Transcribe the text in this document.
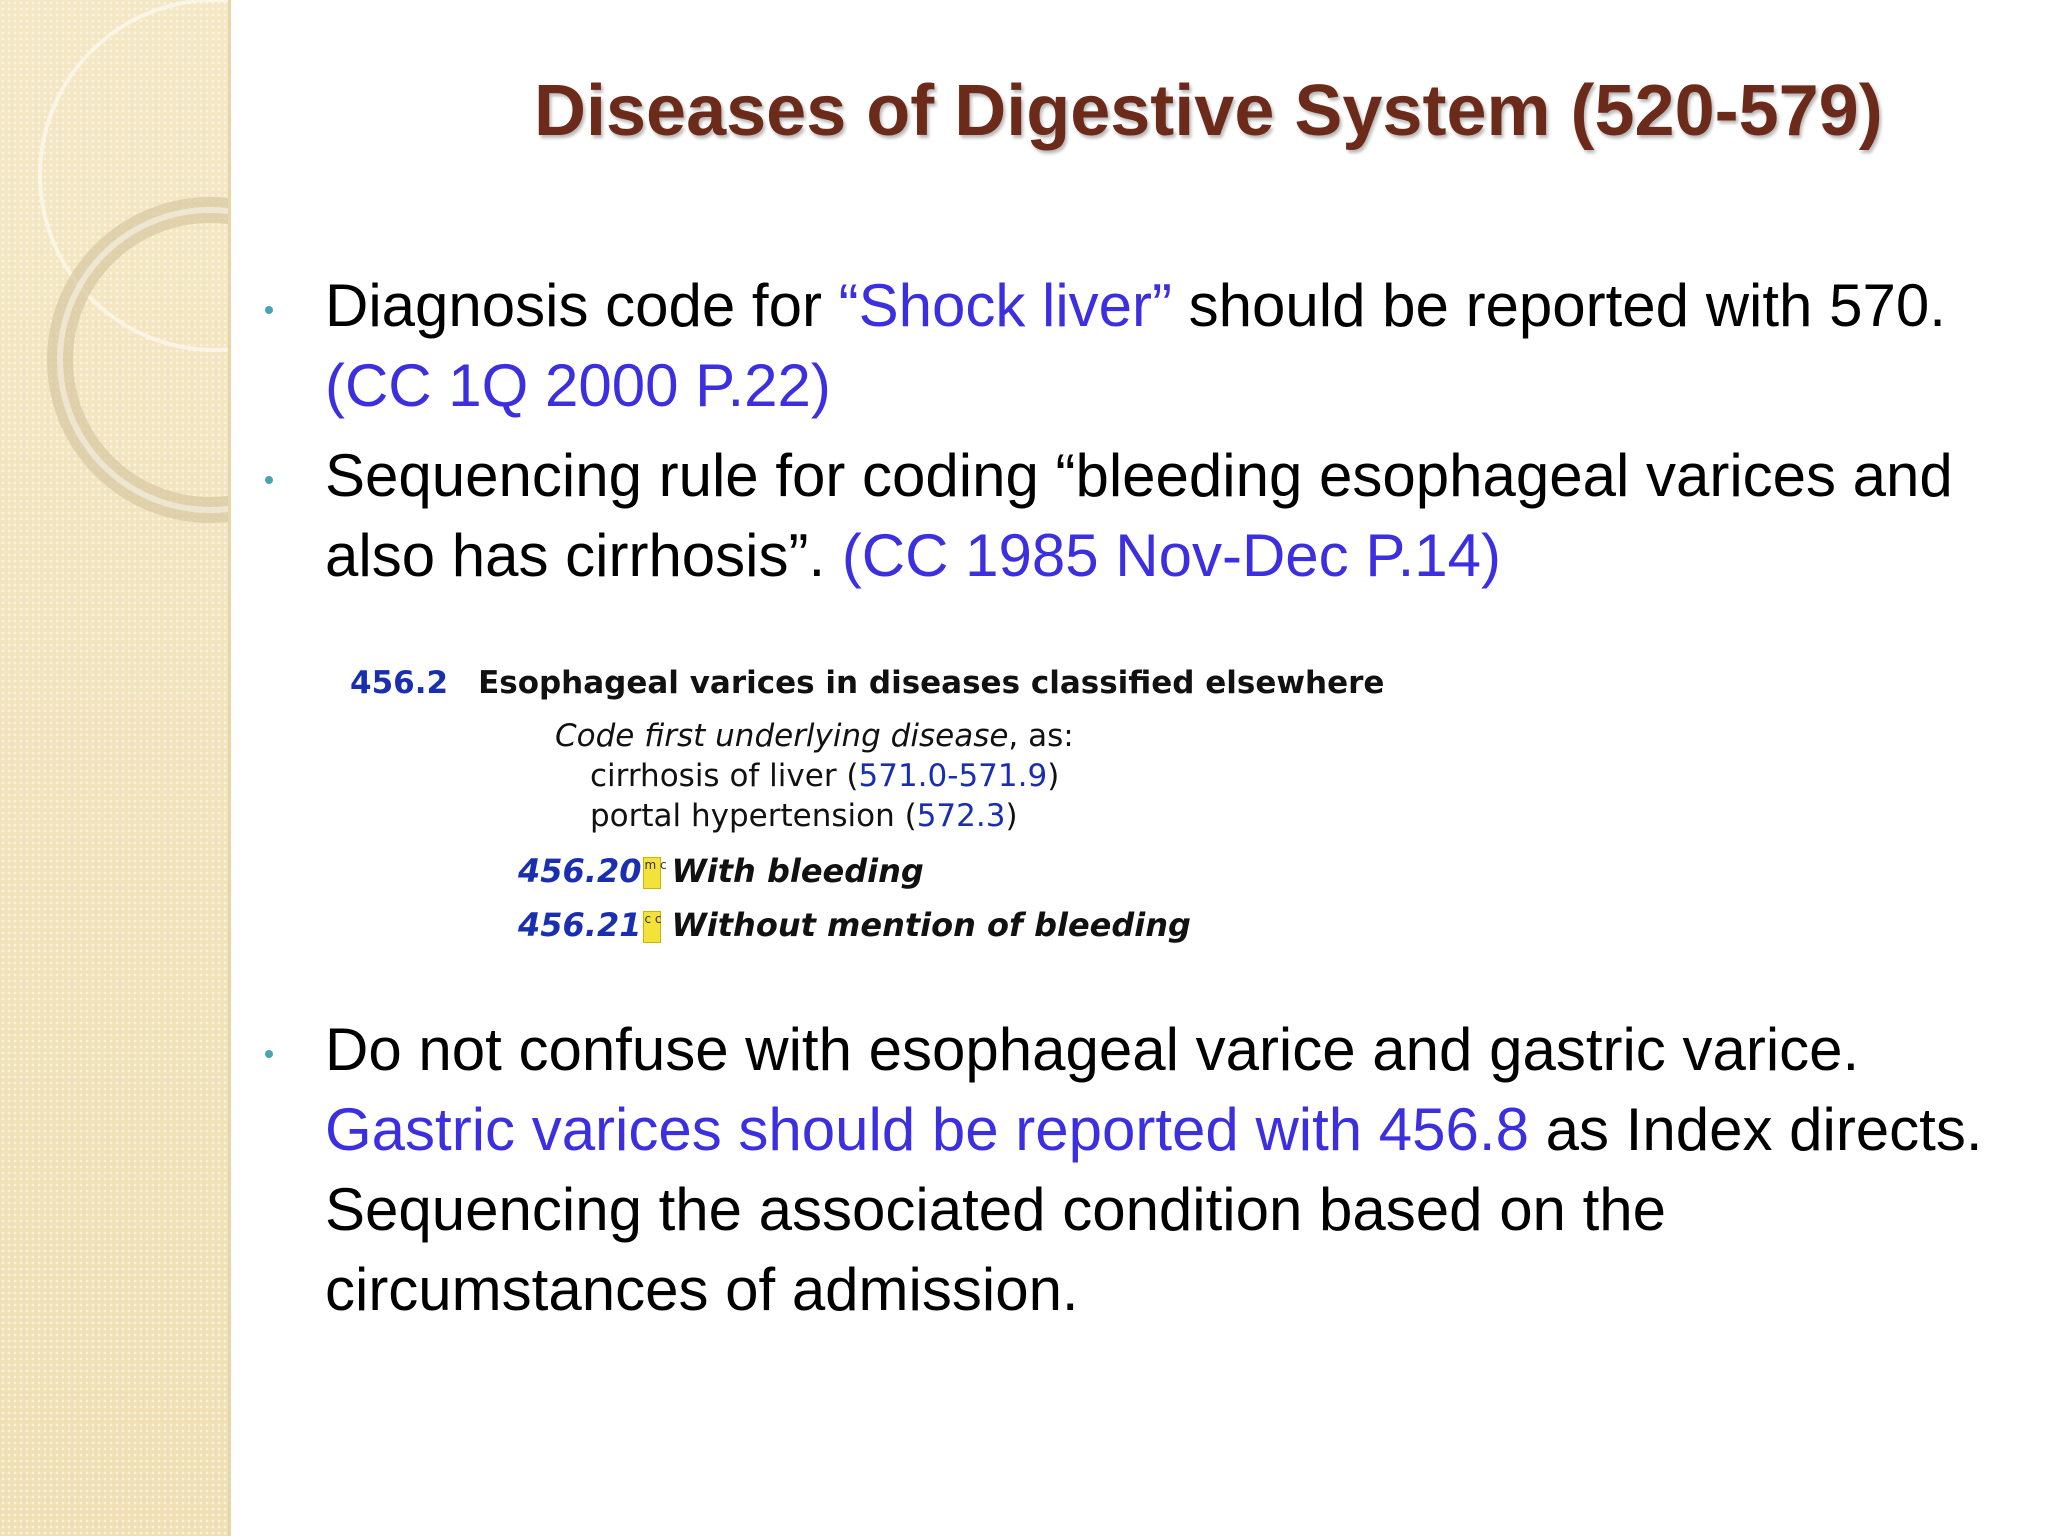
Diseases of Digestive System (520-579)

Diagnosis code for “Shock liver” should be reported with 570. (CC 1Q 2000 P.22)

Sequencing rule for coding “bleeding esophageal varices and also has cirrhosis”. (CC 1985 Nov-Dec P.14)

456.2 Esophageal varices in diseases classified elsewhere
Code first underlying disease, as:
cirrhosis of liver (571.0-571.9)
portal hypertension (572.3)
456.20 m c With bleeding
456.21 c c Without mention of bleeding

Do not confuse with esophageal varice and gastric varice. Gastric varices should be reported with 456.8 as Index directs. Sequencing the associated condition based on the circumstances of admission.
